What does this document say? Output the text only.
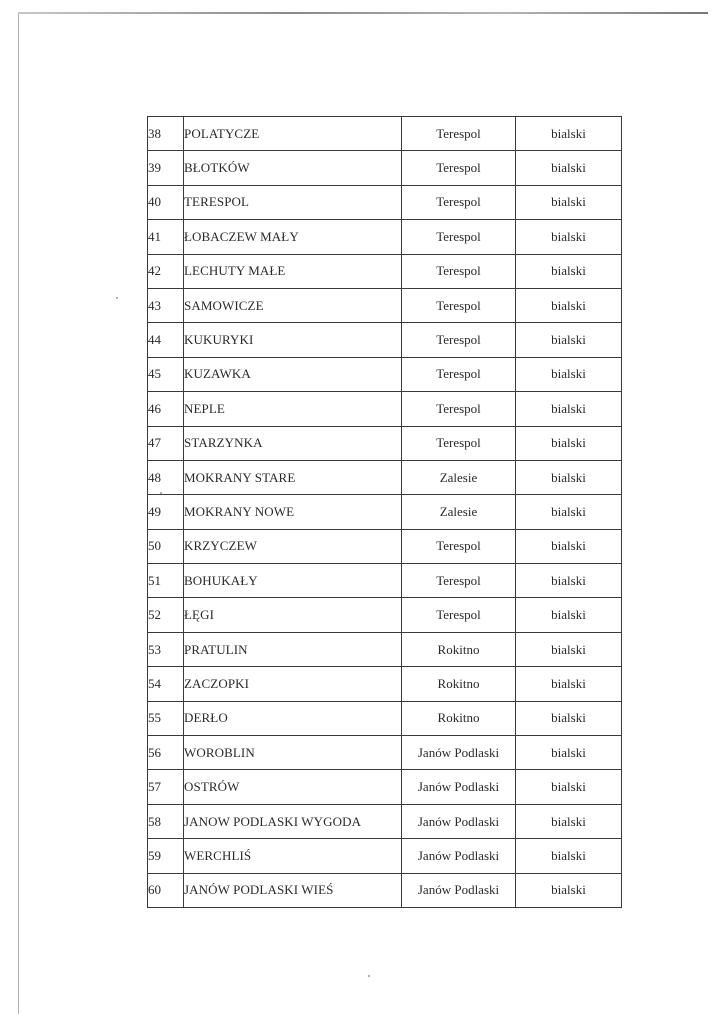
38	POLATYCZE	Terespol	bialski
39	BŁOTKÓW	Terespol	bialski
40	TERESPOL	Terespol	bialski
41	ŁOBACZEW MAŁY	Terespol	bialski
42	LECHUTY MAŁE	Terespol	bialski
43	SAMOWICZE	Terespol	bialski
44	KUKURYKI	Terespol	bialski
45	KUZAWKA	Terespol	bialski
46	NEPLE	Terespol	bialski
47	STARZYNKA	Terespol	bialski
48	MOKRANY STARE	Zalesie	bialski
49	MOKRANY NOWE	Zalesie	bialski
50	KRZYCZEW	Terespol	bialski
51	BOHUKAŁY	Terespol	bialski
52	ŁĘGI	Terespol	bialski
53	PRATULIN	Rokitno	bialski
54	ZACZOPKI	Rokitno	bialski
55	DERŁO	Rokitno	bialski
56	WOROBLIN	Janów Podlaski	bialski
57	OSTRÓW	Janów Podlaski	bialski
58	JANOW PODLASKI WYGODA	Janów Podlaski	bialski
59	WERCHLIŚ	Janów Podlaski	bialski
60	JANÓW PODLASKI WIEŚ	Janów Podlaski	bialski
